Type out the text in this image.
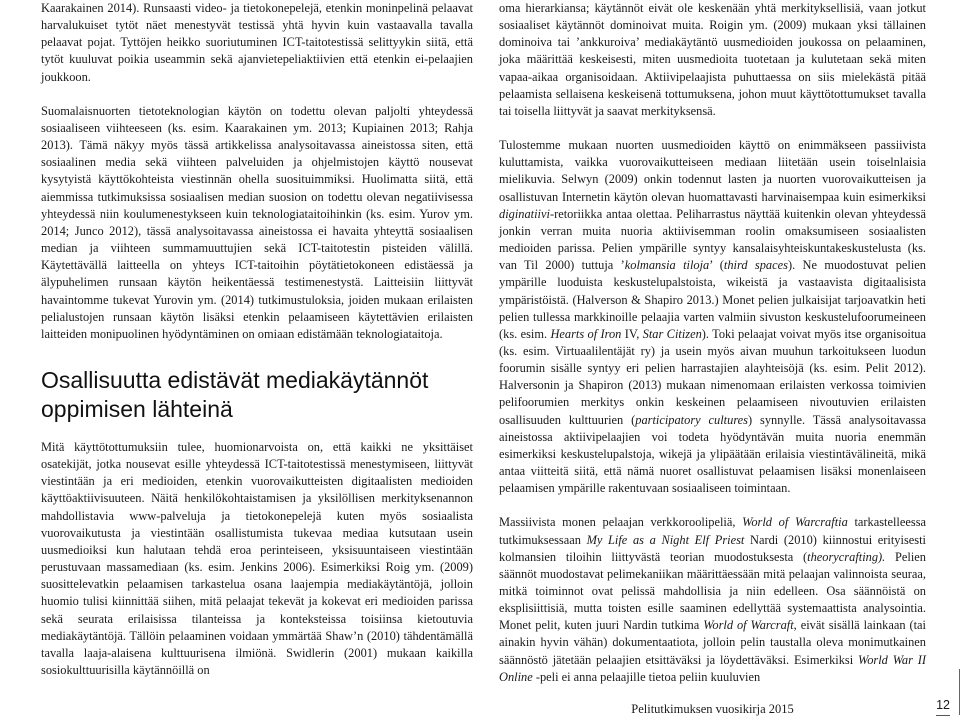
Kaarakainen 2014). Runsaasti video- ja tietokonepelejä, etenkin moninpelinä pelaavat harvalukuiset tytöt näet menestyvät testissä yhtä hyvin kuin vastaavalla tavalla pelaavat pojat. Tyttöjen heikko suoriutuminen ICT-taitotestissä selittyykin siitä, että tytöt kuuluvat poikia useammin sekä ajanvietepeliaktiivien että etenkin ei-pelaajien joukkoon.

Suomalaisnuorten tietoteknologian käytön on todettu olevan paljolti yhteydessä sosiaaliseen viihteeseen (ks. esim. Kaarakainen ym. 2013; Kupiainen 2013; Rahja 2013). Tämä näkyy myös tässä artikkelissa analysoitavassa aineistossa siten, että sosiaalinen media sekä viihteen palveluiden ja ohjelmistojen käyttö nousevat kysytyistä käyttökohteista viestinnän ohella suosituimmiksi. Huolimatta siitä, että aiemmissa tutkimuksissa sosiaalisen median suosion on todettu olevan negatiivisessa yhteydessä niin koulumenestykseen kuin teknologiataitoihinkin (ks. esim. Yurov ym. 2014; Junco 2012), tässä analysoitavassa aineistossa ei havaita yhteyttä sosiaalisen median ja viihteen summamuuttujien sekä ICT-taitotestin pisteiden välillä. Käytettävällä laitteella on yhteys ICT-taitoihin pöytätietokoneen edistäessä ja älypuhelimen runsaan käytön heikentäessä testimenestystä. Laitteisiin liittyvät havaintomme tukevat Yurovin ym. (2014) tutkimustuloksia, joiden mukaan erilaisten pelialustojen runsaan käytön lisäksi etenkin pelaamiseen käytettävien erilaisten laitteiden monipuolinen hyödyntäminen on omiaan edistämään teknologiataitoja.

Osallisuutta edistävät mediakäytännöt oppimisen lähteinä

Mitä käyttötottumuksiin tulee, huomionarvoista on, että kaikki ne yksittäiset osatekijät, jotka nousevat esille yhteydessä ICT-taitotestissä menestymiseen, liittyvät viestintään ja eri medioiden, etenkin vuorovaikutteisten digitaalisten medioiden käyttöaktiivisuuteen. Näitä henkilökohtaistamisen ja yksilöllisen merkityksenannon mahdollistavia www-palveluja ja tietokonepelejä kuten myös sosiaalista vuorovaikutusta ja viestintään osallistumista tukevaa mediaa kutsutaan usein uusmedioiksi kun halutaan tehdä eroa perinteiseen, yksisuuntaiseen viestintään perustuvaan massamediaan (ks. esim. Jenkins 2006). Esimerkiksi Roig ym. (2009) suosittelevatkin pelaamisen tarkastelua osana laajempia mediakäytäntöjä, jolloin huomio tulisi kiinnittää siihen, mitä pelaajat tekevät ja kokevat eri medioiden parissa sekä seurata erilaisissa tilanteissa ja konteksteissa toisiinsa kietoutuvia mediakäytäntöjä. Tällöin pelaaminen voidaan ymmärtää Shaw’n (2010) tähdentämällä tavalla laaja-alaisena kulttuurisena ilmiönä. Swidlerin (2001) mukaan kaikilla sosiokulttuurisilla käytännöillä on

oma hierarkiansa; käytännöt eivät ole keskenään yhtä merkityksellisiä, vaan jotkut sosiaaliset käytännöt dominoivat muita. Roigin ym. (2009) mukaan yksi tällainen dominoiva tai ’ankkuroiva’ mediakäytäntö uusmedioiden joukossa on pelaaminen, joka määrittää keskeisesti, miten uusmedioita tuotetaan ja kulutetaan sekä miten vapaa-aikaa organisoidaan. Aktiivipelaajista puhuttaessa on siis mielekästä pitää pelaamista sellaisena keskeisenä tottumuksena, johon muut käyttötottumukset tavalla tai toisella liittyvät ja saavat merkityksensä.

Tulostemme mukaan nuorten uusmedioiden käyttö on enimmäkseen passiivista kuluttamista, vaikka vuorovaikutteiseen mediaan liitetään usein toiselnlaisia mielikuvia. Selwyn (2009) onkin todennut lasten ja nuorten vuorovaikutteisen ja osallistuvan Internetin käytön olevan huomattavasti harvinaisempaa kuin esimerkiksi diginatiivi-retoriikka antaa olettaa. Peliharrastus näyttää kuitenkin olevan yhteydessä jonkin verran muita nuoria aktiivisemman roolin omaksumiseen sosiaalisten medioiden parissa. Pelien ympärille syntyy kansalaisyhteiskuntakeskustelusta (ks. van Til 2000) tuttuja ’kolmansia tiloja’ (third spaces). Ne muodostuvat pelien ympärille luoduista keskustelupalstoista, wikeistä ja vastaavista digitaalisista ympäristöistä. (Halverson & Shapiro 2013.) Monet pelien julkaisijat tarjoavatkin heti pelien tullessa markkinoille pelaajia varten valmiin sivuston keskustelufoorumeineen (ks. esim. Hearts of Iron IV, Star Citizen). Toki pelaajat voivat myös itse organisoitua (ks. esim. Virtuaalilentäjät ry) ja usein myös aivan muuhun tarkoitukseen luodun foorumin sisälle syntyy eri pelien harrastajien alayhteisöjä (ks. esim. Pelit 2012). Halversonin ja Shapiron (2013) mukaan nimenomaan erilaisten verkossa toimivien pelifoorumien merkitys onkin keskeinen pelaamiseen nivoutuvien erilaisten osallisuuden kulttuurien (participatory cultures) synnylle. Tässä analysoitavassa aineistossa aktiivipelaajien voi todeta hyödyntävän muita nuoria enemmän esimerkiksi keskustelupalstoja, wikejä ja ylipäätään erilaisia viestintävälineitä, mikä antaa viitteitä siitä, että nämä nuoret osallistuvat pelaamisen lisäksi monenlaiseen pelaamisen ympärille rakentuvaan sosiaaliseen toimintaan.

Massiivista monen pelaajan verkkoroolipeliä, World of Warcraftia tarkastelleessa tutkimuksessaan My Life as a Night Elf Priest Nardi (2010) kiinnostui erityisesti kolmansien tiloihin liittyvästä teorian muodostuksesta (theorycrafting). Pelien säännöt muodostavat pelimekaniikan määrittäessään mitä pelaajan valinnoista seuraa, mitkä toiminnot ovat pelissä mahdollisia ja niin edelleen. Osa säännöistä on eksplisiittisiä, mutta toisten esille saaminen edellyttää systemaattista analysointia. Monet pelit, kuten juuri Nardin tutkima World of Warcraft, eivät sisällä lainkaan (tai ainakin hyvin vähän) dokumentaatiota, jolloin pelin taustalla oleva monimutkainen säännöstö jätetään pelaajien etsittäväksi ja löydettäväksi. Esimerkiksi World War II Online -peli ei anna pelaajille tietoa peliin kuuluvien

Pelitutkimuksen vuosikirja 2015	12
